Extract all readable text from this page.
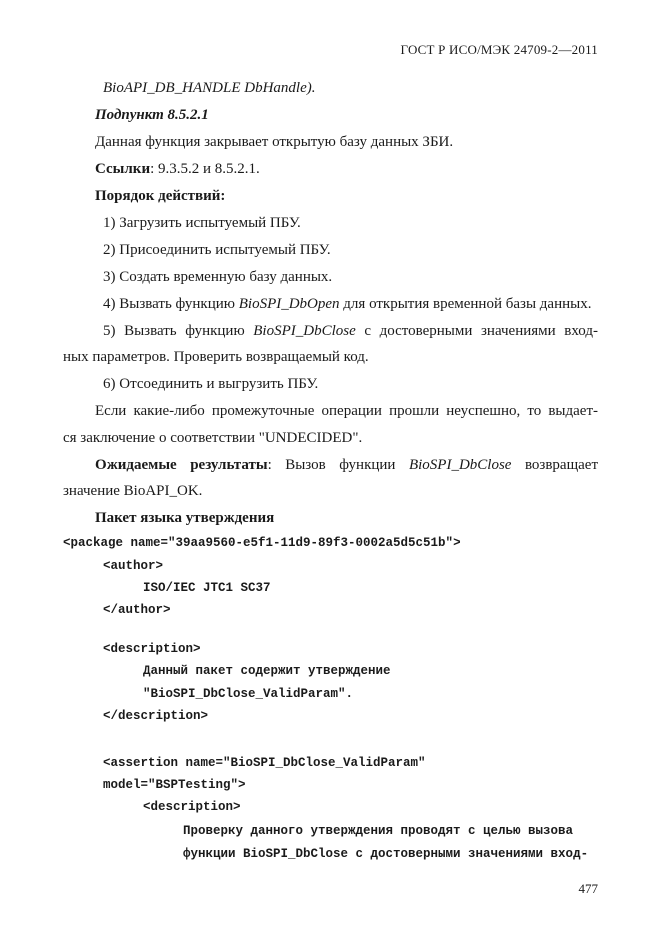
ГОСТ Р ИСО/МЭК 24709-2—2011
BioAPI_DB_HANDLE DbHandle).
Подпункт 8.5.2.1
Данная функция закрывает открытую базу данных ЗБИ.
Ссылки: 9.3.5.2 и 8.5.2.1.
Порядок действий:
1) Загрузить испытуемый ПБУ.
2) Присоединить испытуемый ПБУ.
3) Создать временную базу данных.
4) Вызвать функцию BioSPI_DbOpen для открытия временной базы данных.
5) Вызвать функцию BioSPI_DbClose с достоверными значениями вход-
ных параметров. Проверить возвращаемый код.
6) Отсоединить и выгрузить ПБУ.
Если какие-либо промежуточные операции прошли неуспешно, то выдает-
ся заключение о соответствии "UNDECIDED".
Ожидаемые результаты: Вызов функции BioSPI_DbClose возвращает
значение BioAPI_OK.
Пакет языка утверждения
<package name="39aa9560-e5f1-11d9-89f3-0002a5d5c51b">
<author>
ISO/IEC JTC1 SC37
</author>
<description>
Данный пакет содержит утверждение
"BioSPI_DbClose_ValidParam".
</description>
<assertion name="BioSPI_DbClose_ValidParam"
model="BSPTesting">
<description>
Проверку данного утверждения проводят с целью вызова
функции BioSPI_DbClose с достоверными значениями вход-
477
